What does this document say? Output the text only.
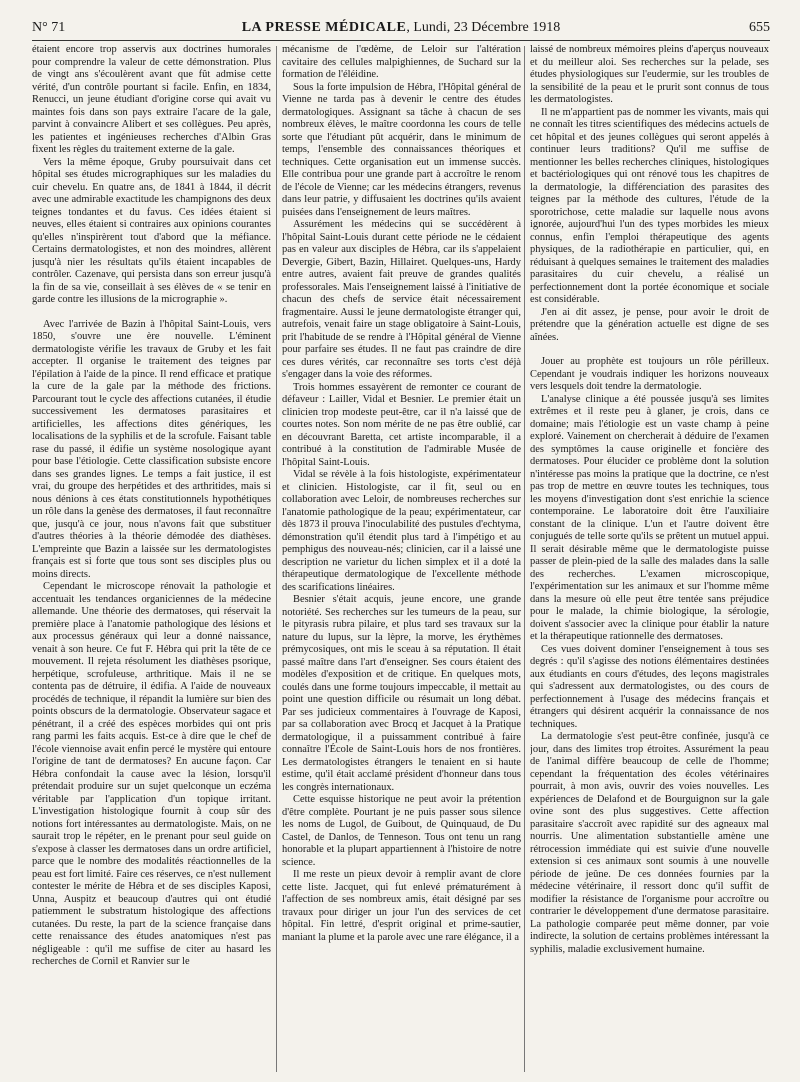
N° 71	LA PRESSE MÉDICALE, Lundi, 23 Décembre 1918	655

étaient encore trop asservis aux doctrines humorales pour comprendre la valeur de cette démonstration. Plus de vingt ans s'écoulèrent avant que fût admise cette vérité, d'un contrôle pourtant si facile. Enfin, en 1834, Renucci, un jeune étudiant d'origine corse qui avait vu maintes fois dans son pays extraire l'acare de la gale, parvint à convaincre Alibert et ses collègues. Peu après, les patientes et ingénieuses recherches d'Albin Gras fixent les règles du traitement externe de la gale.

Vers la même époque, Gruby poursuivait dans cet hôpital ses études micrographiques sur les maladies du cuir chevelu. En quatre ans, de 1841 à 1844, il décrit avec une admirable exactitude les champignons des deux teignes tondantes et du favus. Ces idées étaient si neuves, elles étaient si contraires aux opinions courantes qu'elles n'inspirèrent tout d'abord que la méfiance. Certains dermatologistes, et non des moindres, allèrent jusqu'à nier les résultats qu'ils étaient incapables de contrôler. Cazenave, qui persista dans son erreur jusqu'à la fin de sa vie, conseillait à ses élèves de « se tenir en garde contre les illusions de la micrographie ».

Avec l'arrivée de Bazin à l'hôpital Saint-Louis, vers 1850, s'ouvre une ère nouvelle. L'éminent dermatologiste vérifie les travaux de Gruby et les fait accepter. Il organise le traitement des teignes par l'épilation à l'aide de la pince. Il rend efficace et pratique la cure de la gale par la méthode des frictions. Parcourant tout le cycle des affections cutanées, il étudie successivement les dermatoses parasitaires et artificielles, les affections dites génériques, les localisations de la syphilis et de la scrofule. Faisant table rase du passé, il édifie un système nosologique ayant pour base l'étiologie. Cette classification subsiste encore dans ses grandes lignes. Le temps a fait justice, il est vrai, du groupe des herpétides et des arthritides, mais si nous dénions à ces états constitutionnels hypothétiques un rôle dans la genèse des dermatoses, il faut reconnaître que, jusqu'à ce jour, nous n'avons fait que substituer d'autres théories à la théorie démodée des diathèses. L'empreinte que Bazin a laissée sur les dermatologistes français est si forte que tous sont ses disciples plus ou moins directs.

Cependant le microscope rénovait la pathologie et accentuait les tendances organiciennes de la médecine allemande. Une théorie des dermatoses, qui réservait la première place à l'anatomie pathologique des lésions et aux processus généraux qui leur a donné naissance, venait à son heure. Ce fut F. Hébra qui prit la tête de ce mouvement. Il rejeta résolument les diathèses psorique, herpétique, scrofuleuse, arthritique. Mais il ne se contenta pas de détruire, il édifia. A l'aide de nouveaux procédés de technique, il répandit la lumière sur bien des points obscurs de la dermatologie. Observateur sagace et pénétrant, il a créé des espèces morbides qui ont pris rang parmi les faits acquis. Est-ce à dire que le chef de l'école viennoise avait enfin percé le mystère qui entoure l'origine de tant de dermatoses? En aucune façon. Car Hébra confondait la cause avec la lésion, lorsqu'il prétendait produire sur un sujet quelconque un eczéma véritable par l'application d'un topique irritant. L'investigation histologique fournit à coup sûr des notions fort intéressantes au dermatologiste. Mais, on ne saurait trop le répéter, en le prenant pour seul guide on s'expose à classer les dermatoses dans un ordre artificiel, parce que le nombre des modalités réactionnelles de la peau est fort limité. Faire ces réserves, ce n'est nullement contester le mérite de Hébra et de ses disciples Kaposi, Unna, Auspitz et beaucoup d'autres qui ont étudié patiemment le substratum histologique des affections cutanées. Du reste, la part de la science française dans cette renaissance des études anatomiques n'est pas négligeable : qu'il me suffise de citer au hasard les recherches de Cornil et Ranvier sur le

mécanisme de l'œdème, de Leloir sur l'altération cavitaire des cellules malpighiennes, de Suchard sur la formation de l'éléidine.

Sous la forte impulsion de Hébra, l'Hôpital général de Vienne ne tarda pas à devenir le centre des études dermatologiques. Assignant sa tâche à chacun de ses nombreux élèves, le maître coordonna les cours de telle sorte que l'étudiant pût acquérir, dans le minimum de temps, l'ensemble des connaissances théoriques et techniques. Cette organisation eut un immense succès. Elle contribua pour une grande part à accroître le renom de l'école de Vienne; car les médecins étrangers, revenus dans leur patrie, y diffusaient les doctrines qu'ils avaient puisées dans l'enseignement de leurs maîtres.

Assurément les médecins qui se succédèrent à l'hôpital Saint-Louis durant cette période ne le cédaient pas en valeur aux disciples de Hébra, car ils s'appelaient Devergie, Gibert, Bazin, Hillairet. Quelques-uns, Hardy entre autres, avaient fait preuve de grandes qualités professorales. Mais l'enseignement laissé à l'initiative de chacun des chefs de service était nécessairement fragmentaire. Aussi le jeune dermatologiste étranger qui, autrefois, venait faire un stage obligatoire à Saint-Louis, prit l'habitude de se rendre à l'Hôpital général de Vienne pour parfaire ses études. Il ne faut pas craindre de dire ces dures vérités, car reconnaître ses torts c'est déjà s'engager dans la voie des réformes.

Trois hommes essayèrent de remonter ce courant de défaveur : Lailler, Vidal et Besnier. Le premier était un clinicien trop modeste peut-être, car il n'a laissé que de courtes notes. Son nom mérite de ne pas être oublié, car en découvrant Baretta, cet artiste incomparable, il a contribué à la constitution de l'admirable Musée de l'hôpital Saint-Louis.

Vidal se révèle à la fois histologiste, expérimentateur et clinicien. Histologiste, car il fit, seul ou en collaboration avec Leloir, de nombreuses recherches sur l'anatomie pathologique de la peau; expérimentateur, car dès 1873 il prouva l'inoculabilité des pustules d'echtyma, démonstration qu'il étendit plus tard à l'impétigo et au pemphigus des nouveau-nés; clinicien, car il a laissé une description ne varietur du lichen simplex et il a doté la thérapeutique dermatologique de l'excellente méthode des scarifications linéaires.

Besnier s'était acquis, jeune encore, une grande notoriété. Ses recherches sur les tumeurs de la peau, sur le pityrasis rubra pilaire, et plus tard ses travaux sur la nature du lupus, sur la lèpre, la morve, les érythèmes prémycosiques, ont mis le sceau à sa réputation. Il était passé maître dans l'art d'enseigner. Ses cours étaient des modèles d'exposition et de critique. En quelques mots, coulés dans une forme toujours impeccable, il mettait au point une question difficile ou résumait un long débat. Par ses judicieux commentaires à l'ouvrage de Kaposi, par sa collaboration avec Brocq et Jacquet à la Pratique dermatologique, il a puissamment contribué à faire connaître l'École de Saint-Louis hors de nos frontières. Les dermatologistes étrangers le tenaient en si haute estime, qu'il était acclamé président d'honneur dans tous les congrès internationaux.

Cette esquisse historique ne peut avoir la prétention d'être complète. Pourtant je ne puis passer sous silence les noms de Lugol, de Guibout, de Quinquaud, de Du Castel, de Danlos, de Tenneson. Tous ont tenu un rang honorable et la plupart appartiennent à l'histoire de notre science.

Il me reste un pieux devoir à remplir avant de clore cette liste. Jacquet, qui fut enlevé prématurément à l'affection de ses nombreux amis, était désigné par ses travaux pour diriger un jour l'un des services de cet hôpital. Fin lettré, d'esprit original et prime-sautier, maniant la plume et la parole avec une rare élégance, il a

laissé de nombreux mémoires pleins d'aperçus nouveaux et du meilleur aloi. Ses recherches sur la pelade, ses études physiologiques sur l'eudermie, sur les troubles de la sensibilité de la peau et le prurit sont connus de tous les dermatologistes.

Il ne m'appartient pas de nommer les vivants, mais qui ne connaît les titres scientifiques des médecins actuels de cet hôpital et des jeunes collègues qui seront appelés à continuer leurs traditions? Qu'il me suffise de mentionner les belles recherches cliniques, histologiques et bactériologiques qui ont rénové tous les chapitres de la dermatologie, la différenciation des parasites des teignes par la méthode des cultures, l'étude de la sporotrichose, cette maladie sur laquelle nous avons ignorée, aujourd'hui l'un des types morbides les mieux connus, enfin l'emploi thérapeutique des agents physiques, de la radiothérapie en particulier, qui, en réduisant à quelques semaines le traitement des maladies parasitaires du cuir chevelu, a réalisé un perfectionnement dont la portée économique et sociale est considérable.

J'en ai dit assez, je pense, pour avoir le droit de prétendre que la génération actuelle est digne de ses aînées.

Jouer au prophète est toujours un rôle périlleux. Cependant je voudrais indiquer les horizons nouveaux vers lesquels doit tendre la dermatologie.

L'analyse clinique a été poussée jusqu'à ses limites extrêmes et il reste peu à glaner, je crois, dans ce domaine; mais l'étiologie est un vaste champ à peine exploré. Vainement on chercherait à déduire de l'examen des symptômes la cause originelle et foncière des dermatoses. Pour élucider ce problème dont la solution n'intéresse pas moins la pratique que la doctrine, ce n'est pas trop de mettre en œuvre toutes les techniques, tous les moyens d'investigation dont s'est enrichie la science contemporaine. Le laboratoire doit être l'auxiliaire constant de la clinique. L'un et l'autre doivent être conjugués de telle sorte qu'ils se prêtent un mutuel appui. Il serait désirable même que le dermatologiste puisse passer de plein-pied de la salle des malades dans la salle des recherches. L'examen microscopique, l'expérimentation sur les animaux et sur l'homme même dans la mesure où elle peut être tentée sans préjudice pour le malade, la chimie biologique, la sérologie, doivent s'associer avec la clinique pour établir la nature et la thérapeutique rationnelle des dermatoses.

Ces vues doivent dominer l'enseignement à tous ses degrés : qu'il s'agisse des notions élémentaires destinées aux étudiants en cours d'études, des leçons magistrales qui s'adressent aux dermatologistes, ou des cours de perfectionnement à l'usage des médecins français et étrangers qui désirent acquérir la connaissance de nos techniques.

La dermatologie s'est peut-être confinée, jusqu'à ce jour, dans des limites trop étroites. Assurément la peau de l'animal diffère beaucoup de celle de l'homme; cependant la fréquentation des écoles vétérinaires pourrait, à mon avis, ouvrir des voies nouvelles. Les expériences de Delafond et de Bourguignon sur la gale ovine sont des plus suggestives. Cette affection parasitaire s'accroît avec rapidité sur des agneaux mal nourris. Une alimentation substantielle amène une rétrocession immédiate qui est suivie d'une nouvelle extension si ces animaux sont soumis à une nouvelle période de jeûne. De ces données fournies par la médecine vétérinaire, il ressort donc qu'il suffit de modifier la résistance de l'organisme pour accroître ou contrarier le développement d'une dermatose parasitaire. La pathologie comparée peut même donner, par voie indirecte, la solution de certains problèmes intéressant la syphilis, maladie exclusivement humaine.
